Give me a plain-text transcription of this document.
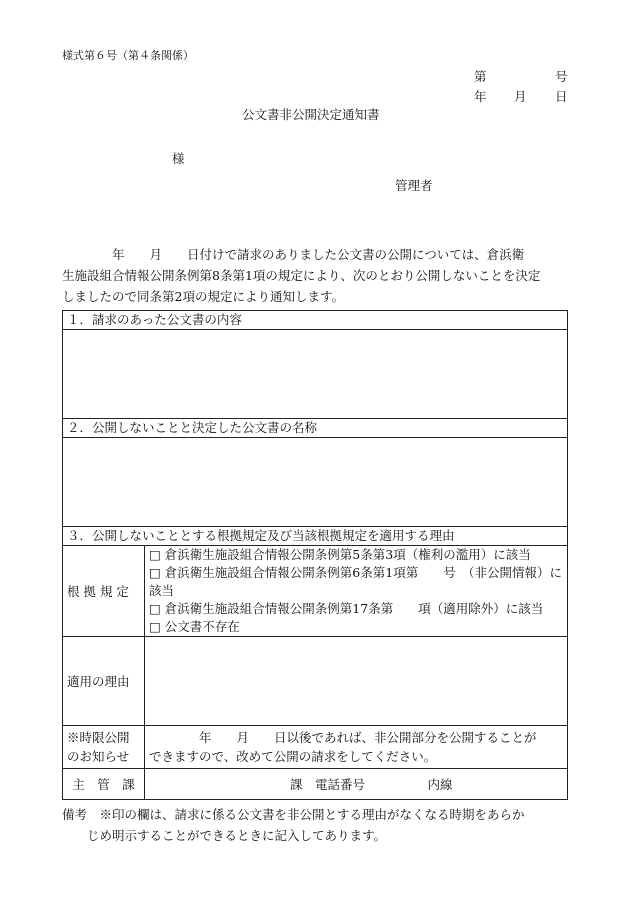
様式第６号（第４条関係）
第	号
年 月 日
公文書非公開決定通知書
様
管理者
　　　　年　　月　　日付けで請求のありました公文書の公開については、倉浜衛
生施設組合情報公開条例第8条第1項の規定により、次のとおり公開しないことを決定
しましたので同条第2項の規定により通知します。
１．請求のあった公文書の内容	

２．公開しないことと決定した公文書の名称	

３．公開しないこととする根拠規定及び当該根拠規定を適用する理由	
根 拠 規 定	□ 倉浜衛生施設組合情報公開条例第5条第3項（権利の濫用）に該当
□ 倉浜衛生施設組合情報公開条例第6条第1項第　　号　（非公開情報）に該当
□ 倉浜衛生施設組合情報公開条例第17条第　　項（適用除外）に該当
□ 公文書不存在

適用の理由	

※時限公開
のお知らせ	　　　　年　　月　　日以後であれば、非公開部分を公開することが
できますので、改めて公開の請求をしてください。

主　管　課	課　電話番号　　　　　内線
備考　※印の欄は、請求に係る公文書を非公開とする理由がなくなる時期をあらか
じめ明示することができるときに記入してあります。
